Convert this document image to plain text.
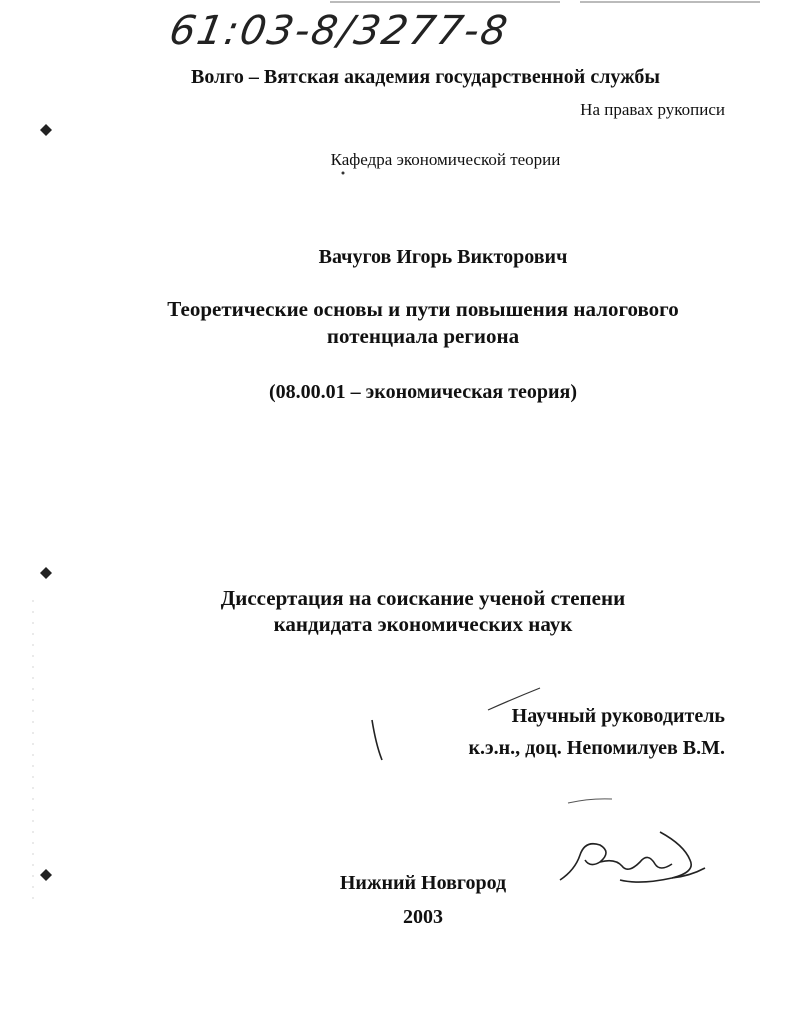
61:03-8/3277-8

Волго – Вятская академия государственной службы

На правах рукописи

Кафедра экономической теории

Вачугов Игорь Викторович

Теоретические основы и пути повышения налогового

потенциала региона

(08.00.01 – экономическая теория)

Диссертация на соискание ученой степени

кандидата экономических наук

Научный руководитель

к.э.н., доц. Непомилуев В.М.

Нижний Новгород

2003
